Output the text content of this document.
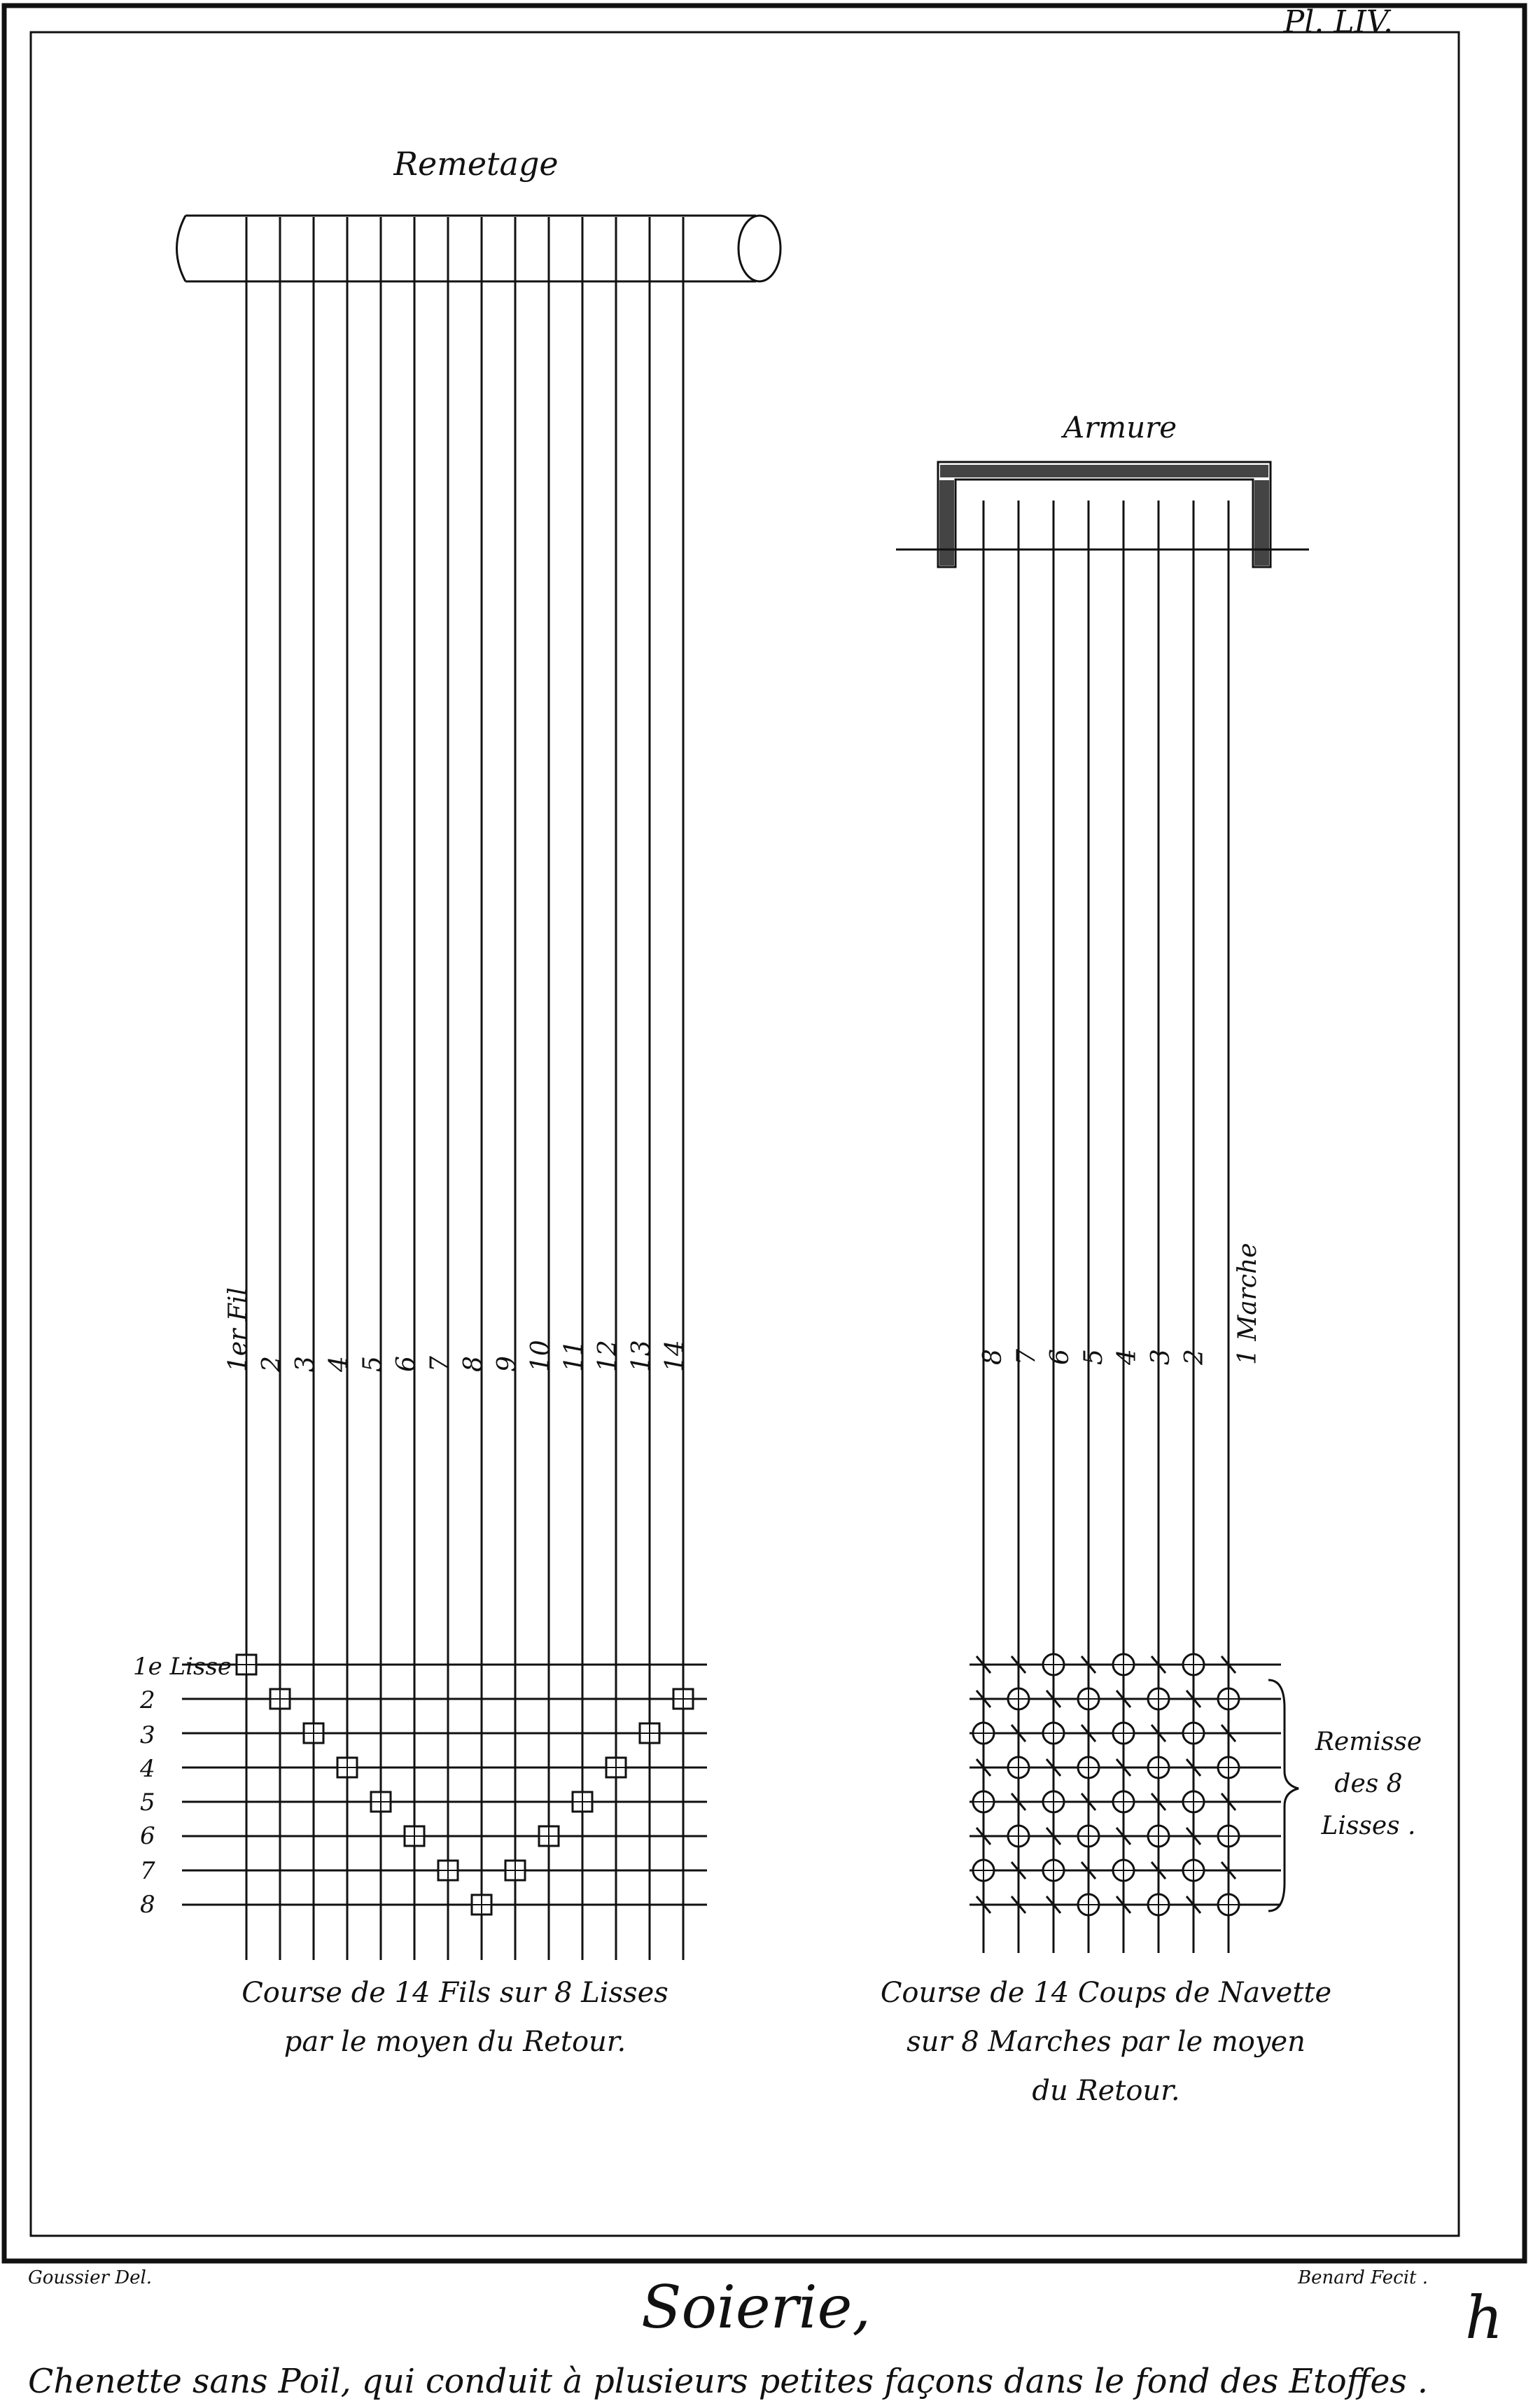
Pl. LIV.
Remetage
1er Fil 2 3 4 5 6 7 8 9 10 11 12 13 14
1e Lisse
2
3
4
5
6
7
8
Course de 14 Fils sur 8 Lisses
par le moyen du Retour.
Armure
8 7 6 5 4 3 2 1 Marche
Remisse
des 8
Lisses .
Course de 14 Coups de Navette
sur 8 Marches par le moyen
du Retour.
Goussier Del.	Benard Fecit .
Soierie,	h
Chenette sans Poil, qui conduit à plusieurs petites façons dans le fond des Etoffes .
